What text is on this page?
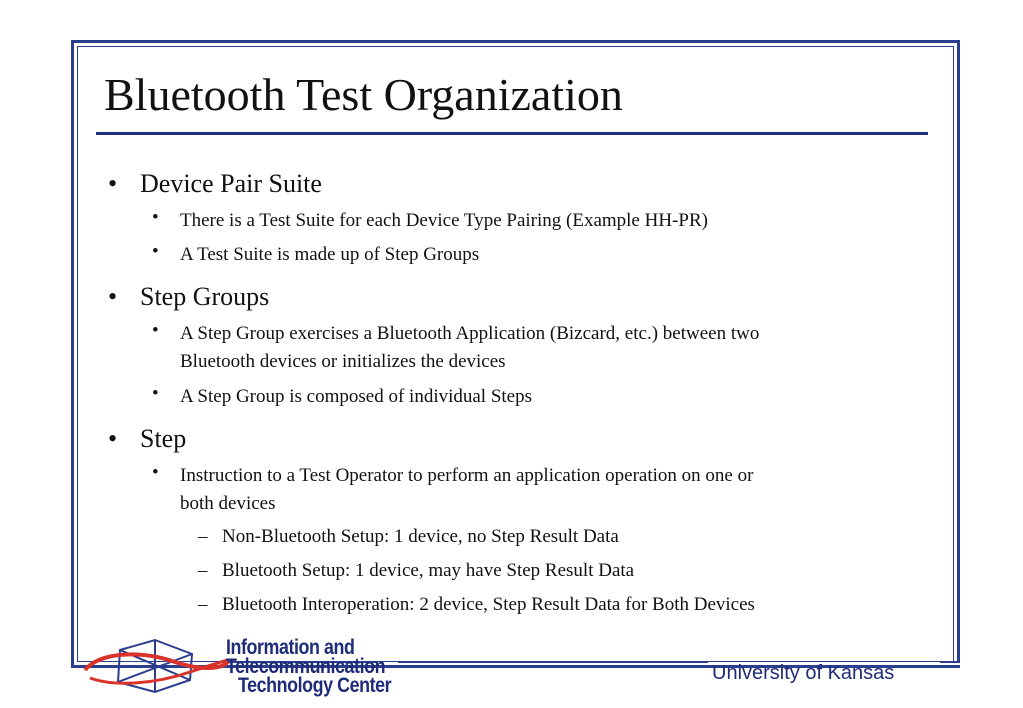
Bluetooth Test Organization
• Device Pair Suite
• There is a Test Suite for each Device Type Pairing (Example HH-PR)
• A Test Suite is made up of Step Groups
• Step Groups
• A Step Group exercises a Bluetooth Application (Bizcard, etc.) between two
Bluetooth devices or initializes the devices
• A Step Group is composed of individual Steps
• Step
• Instruction to a Test Operator to perform an application operation on one or
both devices
– Non-Bluetooth Setup: 1 device, no Step Result Data
– Bluetooth Setup: 1 device, may have Step Result Data
– Bluetooth Interoperation: 2 device, Step Result Data for Both Devices
Information and
Telecommunication
Technology Center
University of Kansas
